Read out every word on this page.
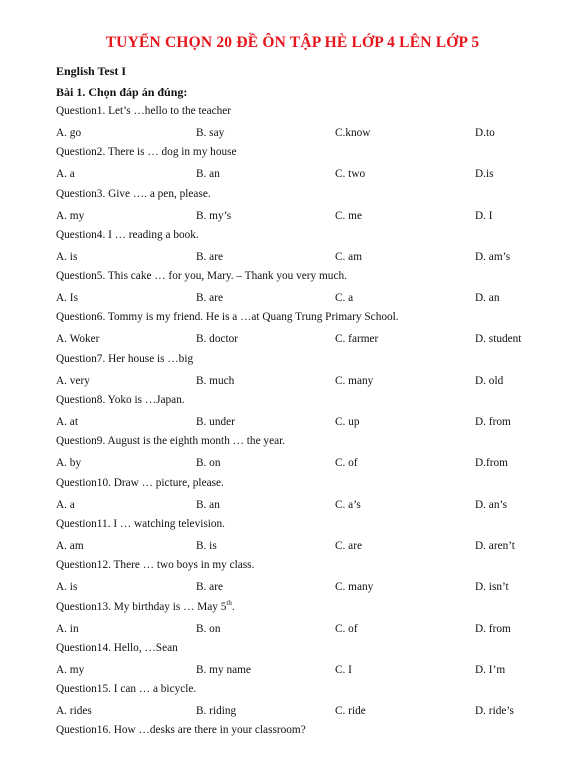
TUYỂN CHỌN 20 ĐỀ ÔN TẬP HÈ LỚP 4 LÊN LỚP 5
English Test I
Bài 1. Chọn đáp án đúng:
Question1. Let’s …hello to the teacher
A. go	B. say	C.know	D.to
Question2. There is … dog in my house
A. a	B. an	C. two	D.is
Question3. Give …. a pen, please.
A. my	B. my’s	C. me	D. I
Question4. I … reading a book.
A. is	B. are	C. am	D. am’s
Question5. This cake … for you, Mary. – Thank you very much.
A. Is	B. are	C. a	D. an
Question6. Tommy is my friend. He is a …at Quang Trung Primary School.
A. Woker	B. doctor	C. farmer	D. student
Question7. Her house is …big
A. very	B. much	C. many	D. old
Question8. Yoko is …Japan.
A. at	B. under	C. up	D. from
Question9. August is the eighth month … the year.
A. by	B. on	C. of	D.from
Question10. Draw … picture, please.
A. a	B. an	C. a’s	D. an’s
Question11. I … watching television.
A. am	B. is	C. are	D. aren’t
Question12. There … two boys in my class.
A. is	B. are	C. many	D. isn’t
Question13. My birthday is … May 5th.
A. in	B. on	C. of	D. from
Question14. Hello, …Sean
A. my	B. my name	C. I	D. I’m
Question15. I can … a bicycle.
A. rides	B. riding	C. ride	D. ride’s
Question16. How …desks are there in your classroom?
